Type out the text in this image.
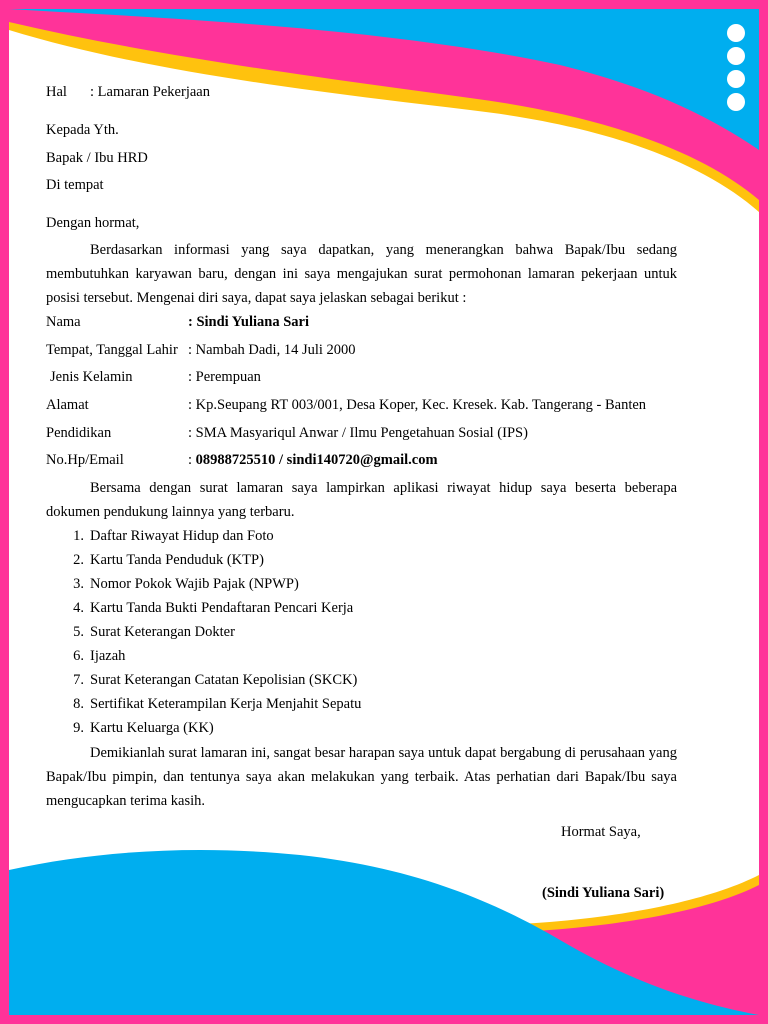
Hal : Lamaran Pekerjaan
Kepada Yth.
Bapak / Ibu HRD
Di tempat
Dengan hormat,
Berdasarkan informasi yang saya dapatkan, yang menerangkan bahwa Bapak/Ibu sedang membutuhkan karyawan baru, dengan ini saya mengajukan surat permohonan lamaran pekerjaan untuk posisi tersebut. Mengenai diri saya, dapat saya jelaskan sebagai berikut :
Nama	: Sindi Yuliana Sari
Tempat, Tanggal Lahir : Nambah Dadi, 14 Juli 2000
Jenis Kelamin	: Perempuan
Alamat	: Kp.Seupang RT 003/001, Desa Koper, Kec. Kresek. Kab. Tangerang - Banten
Pendidikan	: SMA Masyariqul Anwar / Ilmu Pengetahuan Sosial (IPS)
No.Hp/Email	: 08988725510 / sindi140720@gmail.com
Bersama dengan surat lamaran saya lampirkan aplikasi riwayat hidup saya beserta beberapa dokumen pendukung lainnya yang terbaru.
1. Daftar Riwayat Hidup dan Foto
2. Kartu Tanda Penduduk (KTP)
3. Nomor Pokok Wajib Pajak (NPWP)
4. Kartu Tanda Bukti Pendaftaran Pencari Kerja
5. Surat Keterangan Dokter
6. Ijazah
7. Surat Keterangan Catatan Kepolisian (SKCK)
8. Sertifikat Keterampilan Kerja Menjahit Sepatu
9. Kartu Keluarga (KK)
Demikianlah surat lamaran ini, sangat besar harapan saya untuk dapat bergabung di perusahaan yang Bapak/Ibu pimpin, dan tentunya saya akan melakukan yang terbaik. Atas perhatian dari Bapak/Ibu saya mengucapkan terima kasih.
Hormat Saya,
(Sindi Yuliana Sari)
